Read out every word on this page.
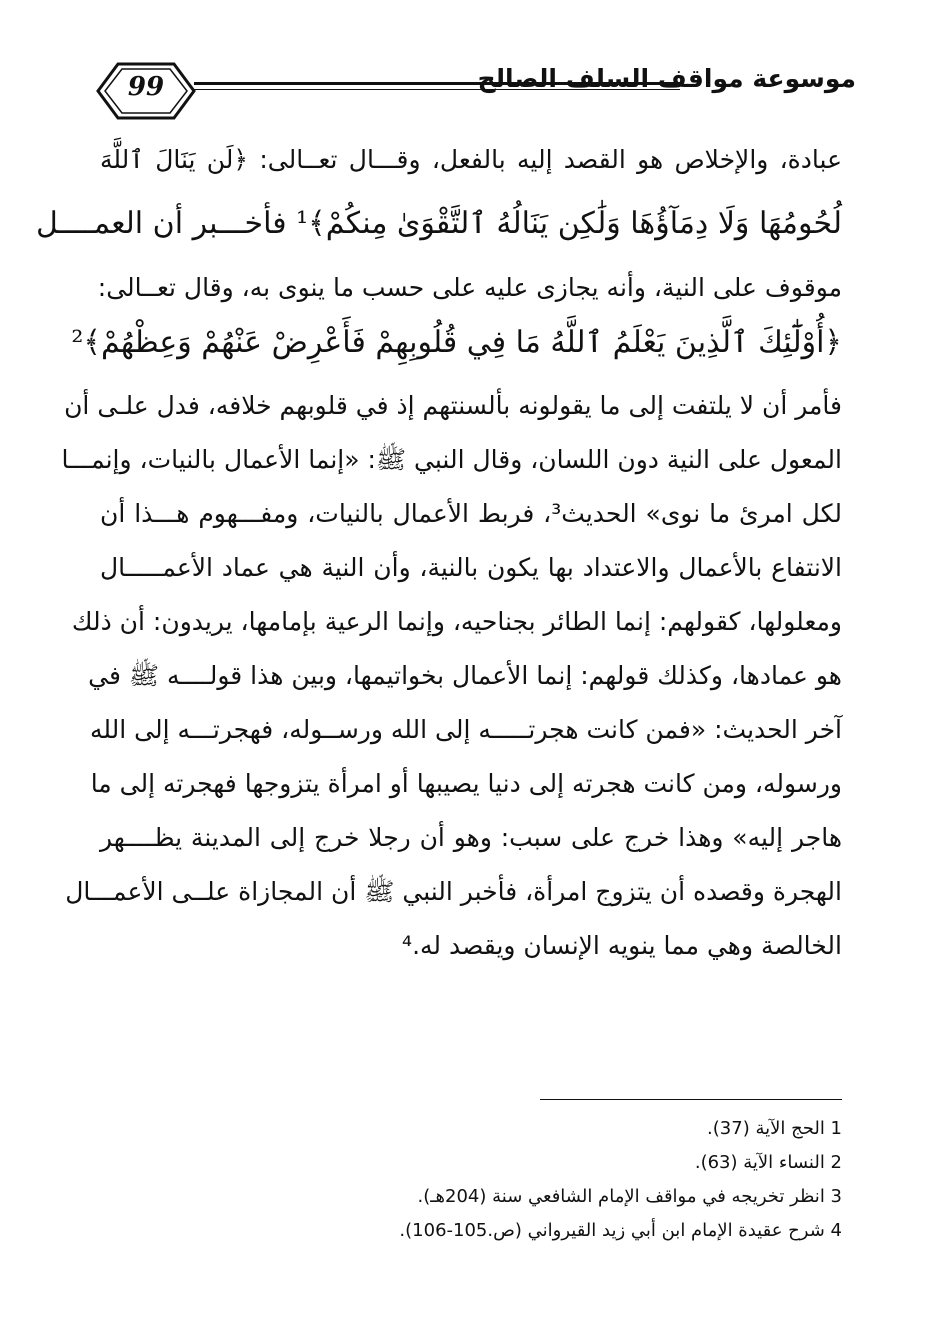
99	موسوعة مواقف السلف الصالح
عبادة، والإخلاص هو القصد إليه بالفعل، وقـــال تعــالى: ﴿لَن يَنَالَ ٱللَّهَ
لُحُومُهَا وَلَا دِمَآؤُهَا وَلَٰكِن يَنَالُهُ ٱلتَّقْوَىٰ مِنكُمْ﴾¹ فأخـــبر أن العمــــل
موقوف على النية، وأنه يجازى عليه على حسب ما ينوى به، وقال تعــالى:
﴿أُوْلَٰٓئِكَ ٱلَّذِينَ يَعْلَمُ ٱللَّهُ مَا فِي قُلُوبِهِمْ فَأَعْرِضْ عَنْهُمْ وَعِظْهُمْ﴾²
فأمر أن لا يلتفت إلى ما يقولونه بألسنتهم إذ في قلوبهم خلافه، فدل علـى أن
المعول على النية دون اللسان، وقال النبي ﷺ: «إنما الأعمال بالنيات، وإنمـــا
لكل امرئ ما نوى» الحديث³، فربط الأعمال بالنيات، ومفـــهوم هـــذا أن
الانتفاع بالأعمال والاعتداد بها يكون بالنية، وأن النية هي عماد الأعمـــــال
ومعلولها، كقولهم: إنما الطائر بجناحيه، وإنما الرعية بإمامها، يريدون: أن ذلك
هو عمادها، وكذلك قولهم: إنما الأعمال بخواتيمها، وبين هذا قولــــه ﷺ في
آخر الحديث: «فمن كانت هجرتـــــه إلى الله ورســوله، فهجرتـــه إلى الله
ورسوله، ومن كانت هجرته إلى دنيا يصيبها أو امرأة يتزوجها فهجرته إلى ما
هاجر إليه» وهذا خرج على سبب: وهو أن رجلا خرج إلى المدينة يظــــهر
الهجرة وقصده أن يتزوج امرأة، فأخبر النبي ﷺ أن المجازاة علــى الأعمـــال
الخالصة وهي مما ينويه الإنسان ويقصد له.⁴
1 الحج الآية (37).
2 النساء الآية (63).
3 انظر تخريجه في مواقف الإمام الشافعي سنة (204هـ).
4 شرح عقيدة الإمام ابن أبي زيد القيرواني (ص.105-106).
